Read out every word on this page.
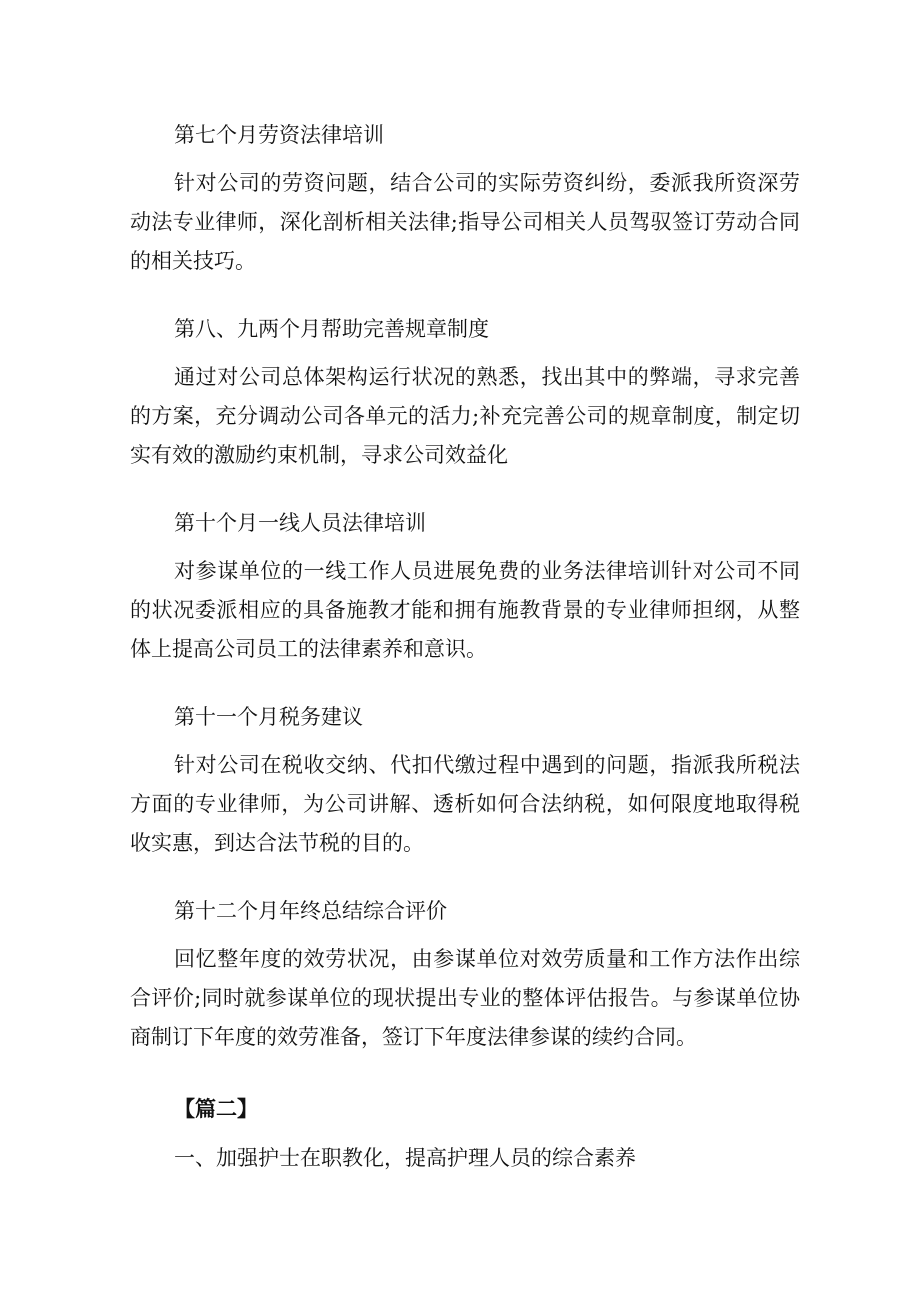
第七个月劳资法律培训

针对公司的劳资问题，结合公司的实际劳资纠纷，委派我所资深劳动法专业律师，深化剖析相关法律;指导公司相关人员驾驭签订劳动合同的相关技巧。

第八、九两个月帮助完善规章制度

通过对公司总体架构运行状况的熟悉，找出其中的弊端，寻求完善的方案，充分调动公司各单元的活力;补充完善公司的规章制度，制定切实有效的激励约束机制，寻求公司效益化

第十个月一线人员法律培训

对参谋单位的一线工作人员进展免费的业务法律培训针对公司不同的状况委派相应的具备施教才能和拥有施教背景的专业律师担纲，从整体上提高公司员工的法律素养和意识。

第十一个月税务建议

针对公司在税收交纳、代扣代缴过程中遇到的问题，指派我所税法方面的专业律师，为公司讲解、透析如何合法纳税，如何限度地取得税收实惠，到达合法节税的目的。

第十二个月年终总结综合评价

回忆整年度的效劳状况，由参谋单位对效劳质量和工作方法作出综合评价;同时就参谋单位的现状提出专业的整体评估报告。与参谋单位协商制订下年度的效劳准备，签订下年度法律参谋的续约合同。

【篇二】

一、加强护士在职教化，提高护理人员的综合素养
